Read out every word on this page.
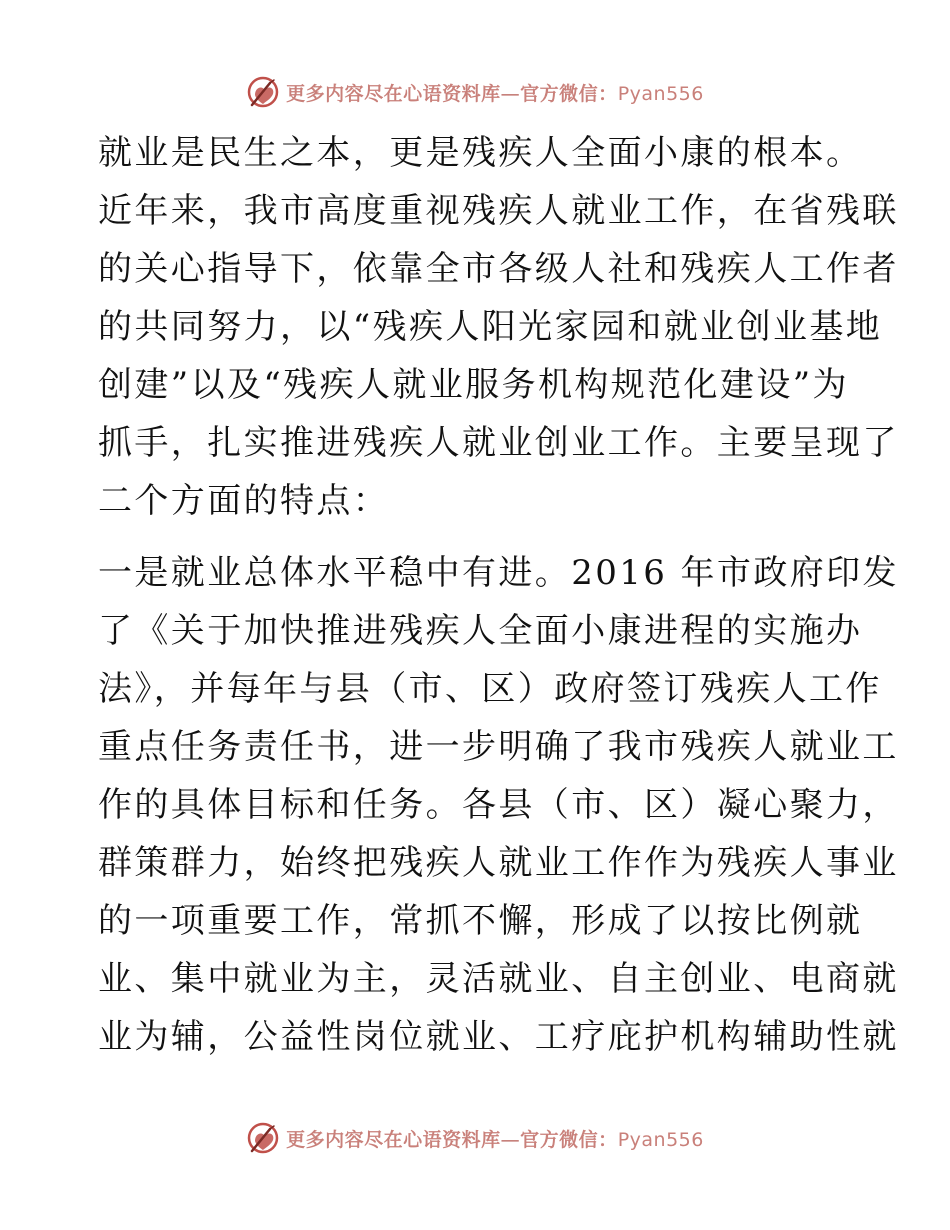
更多内容尽在心语资料库—官方微信：Pyan556

就业是民生之本，更是残疾人全面小康的根本。
近年来，我市高度重视残疾人就业工作，在省残联
的关心指导下，依靠全市各级人社和残疾人工作者
的共同努力，以“残疾人阳光家园和就业创业基地
创建”以及“残疾人就业服务机构规范化建设”为
抓手，扎实推进残疾人就业创业工作。主要呈现了
二个方面的特点：

一是就业总体水平稳中有进。2016 年市政府印发
了《关于加快推进残疾人全面小康进程的实施办
法》，并每年与县（市、区）政府签订残疾人工作
重点任务责任书，进一步明确了我市残疾人就业工
作的具体目标和任务。各县（市、区）凝心聚力，
群策群力，始终把残疾人就业工作作为残疾人事业
的一项重要工作，常抓不懈，形成了以按比例就
业、集中就业为主，灵活就业、自主创业、电商就
业为辅，公益性岗位就业、工疗庇护机构辅助性就

更多内容尽在心语资料库—官方微信：Pyan556
